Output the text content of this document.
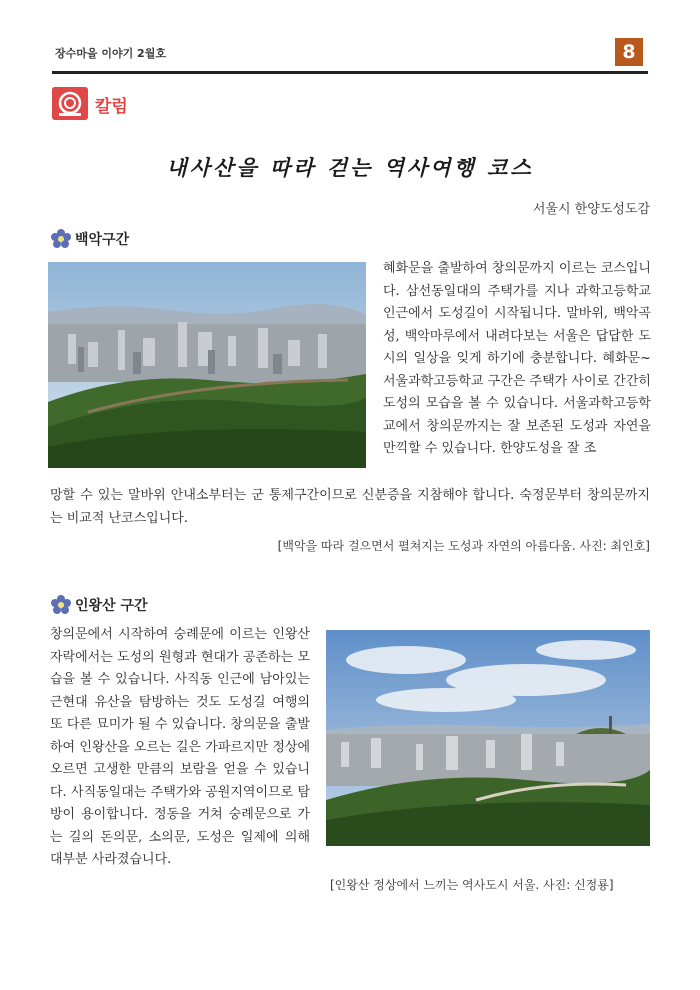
장수마을 이야기 2월호	8
칼럼
내사산을 따라 걷는 역사여행 코스
서울시 한양도성도감
백악구간
혜화문을 출발하여 창의문까지 이르는 코스입니다. 삼선동일대의 주택가를 지나 과학고등학교 인근에서 도성길이 시작됩니다. 말바위, 백악곡성, 백악마루에서 내려다보는 서울은 답답한 도시의 일상을 잊게 하기에 충분합니다. 혜화문~서울과학고등학교 구간은 주택가 사이로 간간히 도성의 모습을 볼 수 있습니다. 서울과학고등학교에서 창의문까지는 잘 보존된 도성과 자연을 만끽할 수 있습니다. 한양도성을 잘 조
망할 수 있는 말바위 안내소부터는 군 통제구간이므로 신분증을 지참해야 합니다. 숙정문부터 창의문까지는 비교적 난코스입니다.
[백악을 따라 걸으면서 펼쳐지는 도성과 자연의 아름다움. 사진: 최인호]
인왕산 구간
창의문에서 시작하여 숭례문에 이르는 인왕산 자락에서는 도성의 원형과 현대가 공존하는 모습을 볼 수 있습니다. 사직동 인근에 남아있는 근현대 유산을 탐방하는 것도 도성길 여행의 또 다른 묘미가 될 수 있습니다. 창의문을 출발하여 인왕산을 오르는 길은 가파르지만 정상에 오르면 고생한 만큼의 보람을 얻을 수 있습니다. 사직동일대는 주택가와 공원지역이므로 탐방이 용이합니다. 정동을 거쳐 숭례문으로 가는 길의 돈의문, 소의문, 도성은 일제에 의해 대부분 사라졌습니다.
[인왕산 정상에서 느끼는 역사도시 서울. 사진: 신정룡]
